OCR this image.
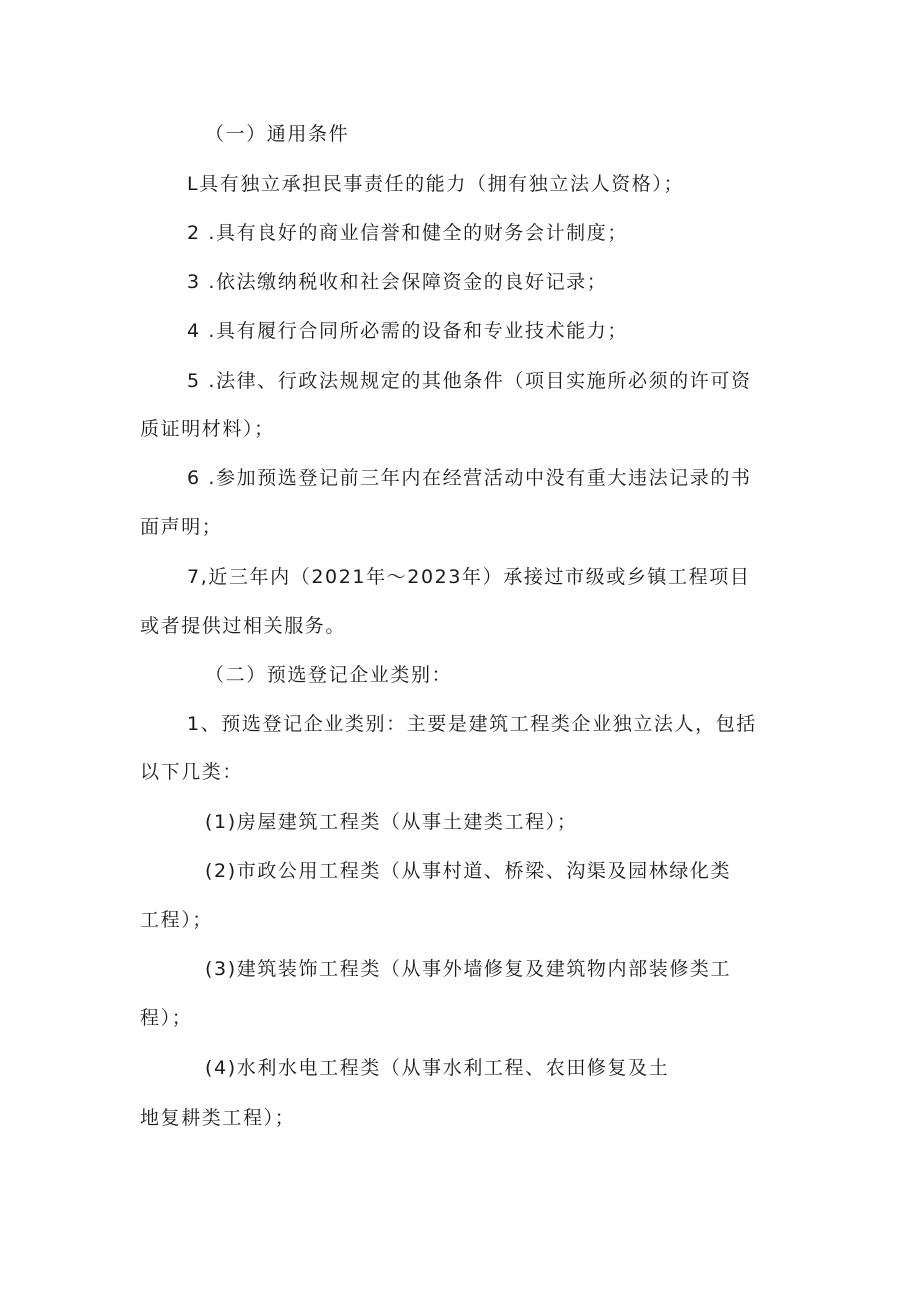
（一）通用条件
L具有独立承担民事责任的能力（拥有独立法人资格）；
2 .具有良好的商业信誉和健全的财务会计制度；
3 .依法缴纳税收和社会保障资金的良好记录；
4 .具有履行合同所必需的设备和专业技术能力；
5 .法律、行政法规规定的其他条件（项目实施所必须的许可资
质证明材料）；
6 .参加预选登记前三年内在经营活动中没有重大违法记录的书
面声明；
7,近三年内（2021年～2023年）承接过市级或乡镇工程项目
或者提供过相关服务。
（二）预选登记企业类别：
1、预选登记企业类别：主要是建筑工程类企业独立法人，包括
以下几类：
(1)房屋建筑工程类（从事土建类工程）；
(2)市政公用工程类（从事村道、桥梁、沟渠及园林绿化类
工程）；
(3)建筑装饰工程类（从事外墙修复及建筑物内部装修类工
程）；
(4)水利水电工程类（从事水利工程、农田修复及土
地复耕类工程）；
